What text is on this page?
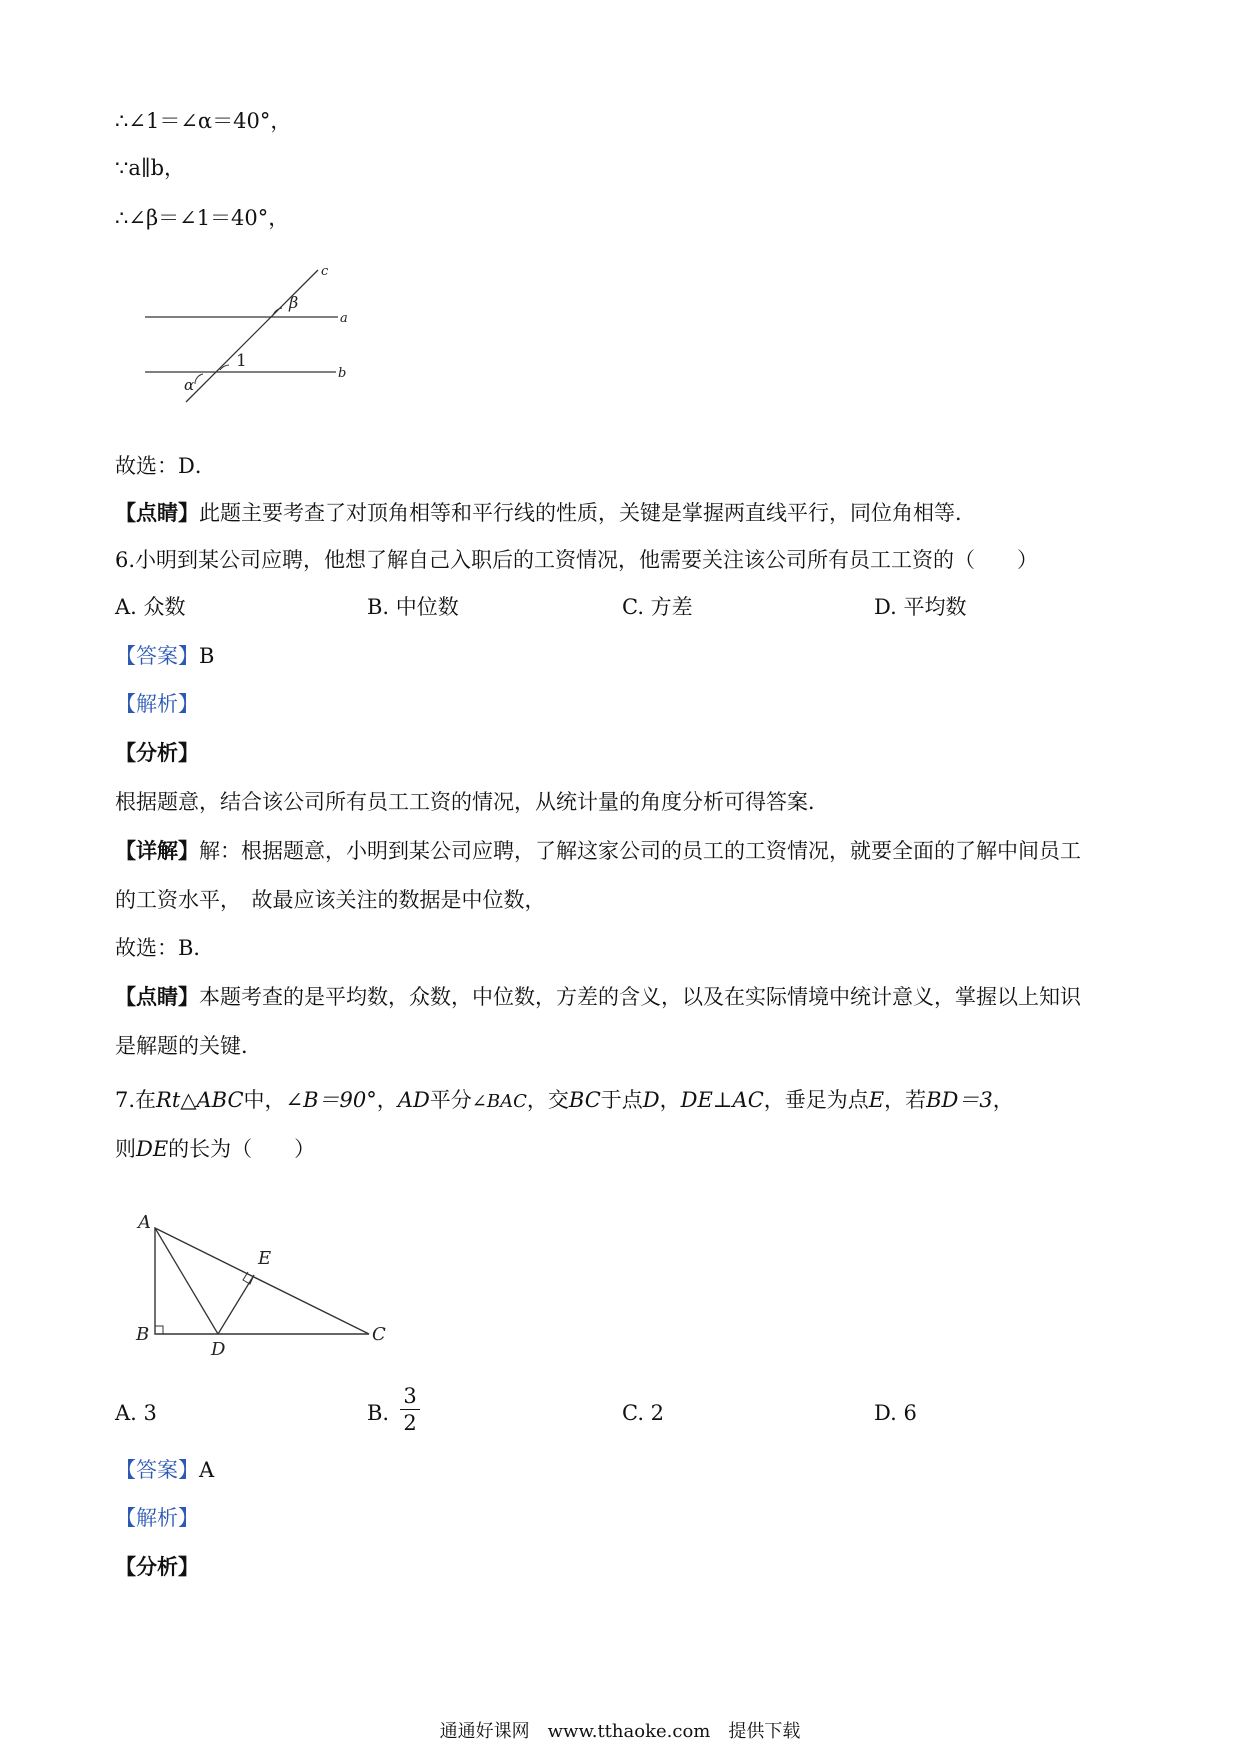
∴∠1＝∠α＝40°，
∵a∥b，
∴∠β＝∠1＝40°，
c
β
a
1
b
α
故选：D．
【点睛】此题主要考查了对顶角相等和平行线的性质，关键是掌握两直线平行，同位角相等．
6.小明到某公司应聘，他想了解自己入职后的工资情况，他需要关注该公司所有员工工资的（　　）
A. 众数	B. 中位数	C. 方差	D. 平均数
【答案】B
【解析】
【分析】
根据题意，结合该公司所有员工工资的情况，从统计量的角度分析可得答案．
【详解】解：根据题意，小明到某公司应聘，了解这家公司的员工的工资情况，就要全面的了解中间员工
的工资水平，　故最应该关注的数据是中位数，
故选：B．
【点睛】本题考查的是平均数，众数，中位数，方差的含义，以及在实际情境中统计意义，掌握以上知识
是解题的关键．
7.在Rt△ABC中，∠B＝90°，AD平分∠BAC，交BC于点D，DE⊥AC，垂足为点E，若BD＝3，
则DE的长为（　　）
A
B	C
D
E
A. 3	B.
3
2	C. 2	D. 6
【答案】A
【解析】
【分析】
通通好课网　www.tthaoke.com　提供下载
